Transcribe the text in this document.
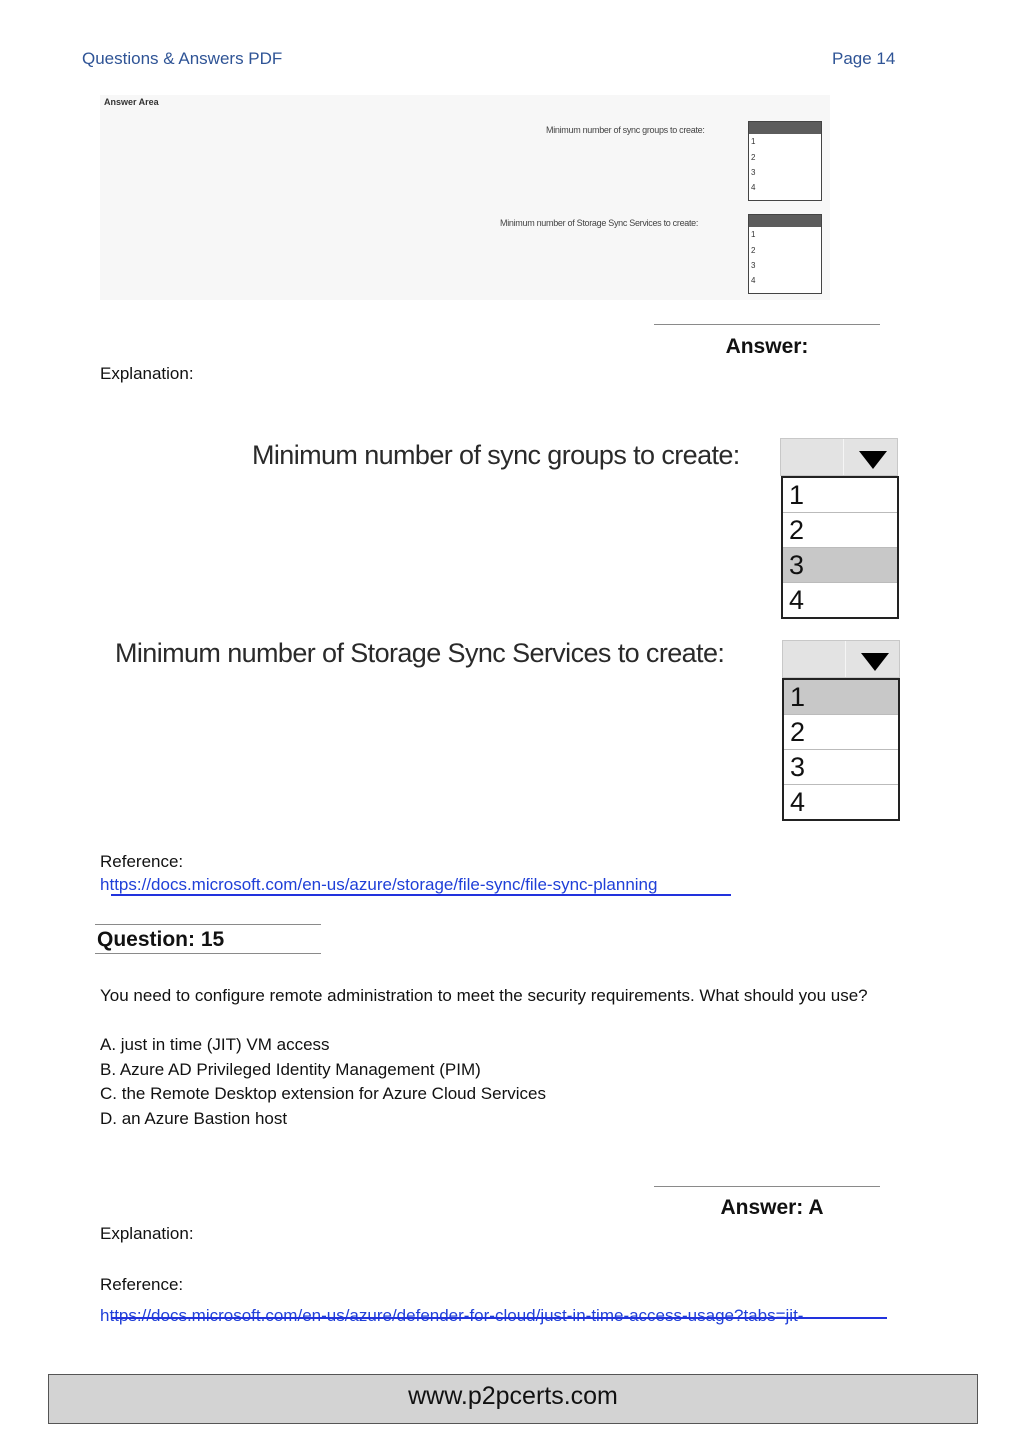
Questions & Answers PDF	Page 14
Answer Area
Minimum number of sync groups to create:
1
Minimum number of Storage Sync Services to create:
1
2
3
4
2
3
4
Answer:
Explanation:
Minimum number of sync groups to create:
1
2
3
4
Minimum number of Storage Sync Services to create:
1
2
3
4
Reference:
https://docs.microsoft.com/en-us/azure/storage/file-sync/file-sync-planning
Question: 15
You need to configure remote administration to meet the security requirements. What should you use?
A. just in time (JIT) VM access
B. Azure AD Privileged Identity Management (PIM)
C. the Remote Desktop extension for Azure Cloud Services
D. an Azure Bastion host
Answer: A
Explanation:
Reference:
https://docs.microsoft.com/en-us/azure/defender-for-cloud/just-in-time-access-usage?tabs=jit-
www.p2pcerts.com
